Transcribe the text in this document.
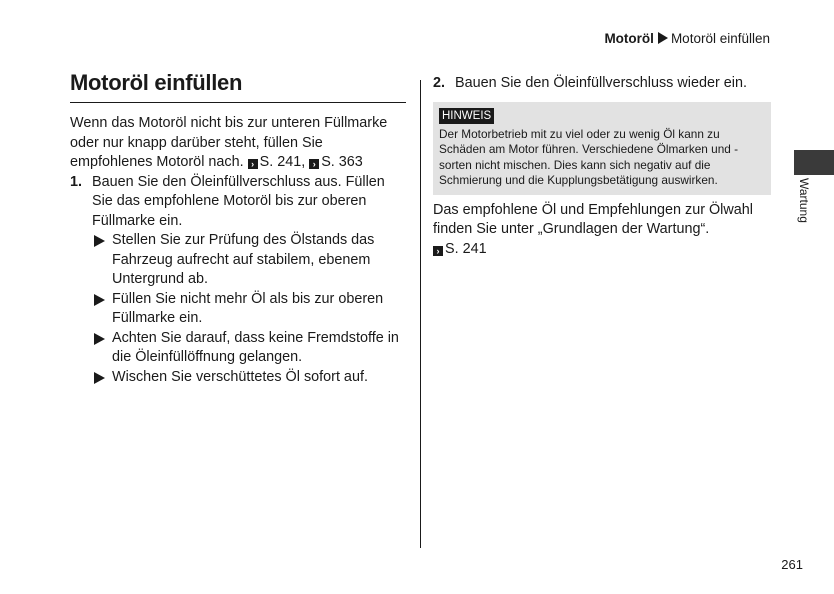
Motoröl Motoröl einfüllen
Motoröl einfüllen

Wenn das Motoröl nicht bis zur unteren Füllmarke oder nur knapp darüber steht, füllen Sie empfohlenes Motoröl nach. › S. 241, › S. 363

1. Bauen Sie den Öleinfüllverschluss aus. Füllen Sie das empfohlene Motoröl bis zur oberen Füllmarke ein.
Stellen Sie zur Prüfung des Ölstands das Fahrzeug aufrecht auf stabilem, ebenem Untergrund ab.
Füllen Sie nicht mehr Öl als bis zur oberen Füllmarke ein.
Achten Sie darauf, dass keine Fremdstoffe in die Öleinfüllöffnung gelangen.
Wischen Sie verschüttetes Öl sofort auf.
2. Bauen Sie den Öleinfüllverschluss wieder ein.
HINWEIS
Der Motorbetrieb mit zu viel oder zu wenig Öl kann zu Schäden am Motor führen. Verschiedene Ölmarken und -sorten nicht mischen. Dies kann sich negativ auf die Schmierung und die Kupplungsbetätigung auswirken.

Das empfohlene Öl und Empfehlungen zur Ölwahl finden Sie unter „Grundlagen der Wartung“.
› S. 241

Wartung
261
